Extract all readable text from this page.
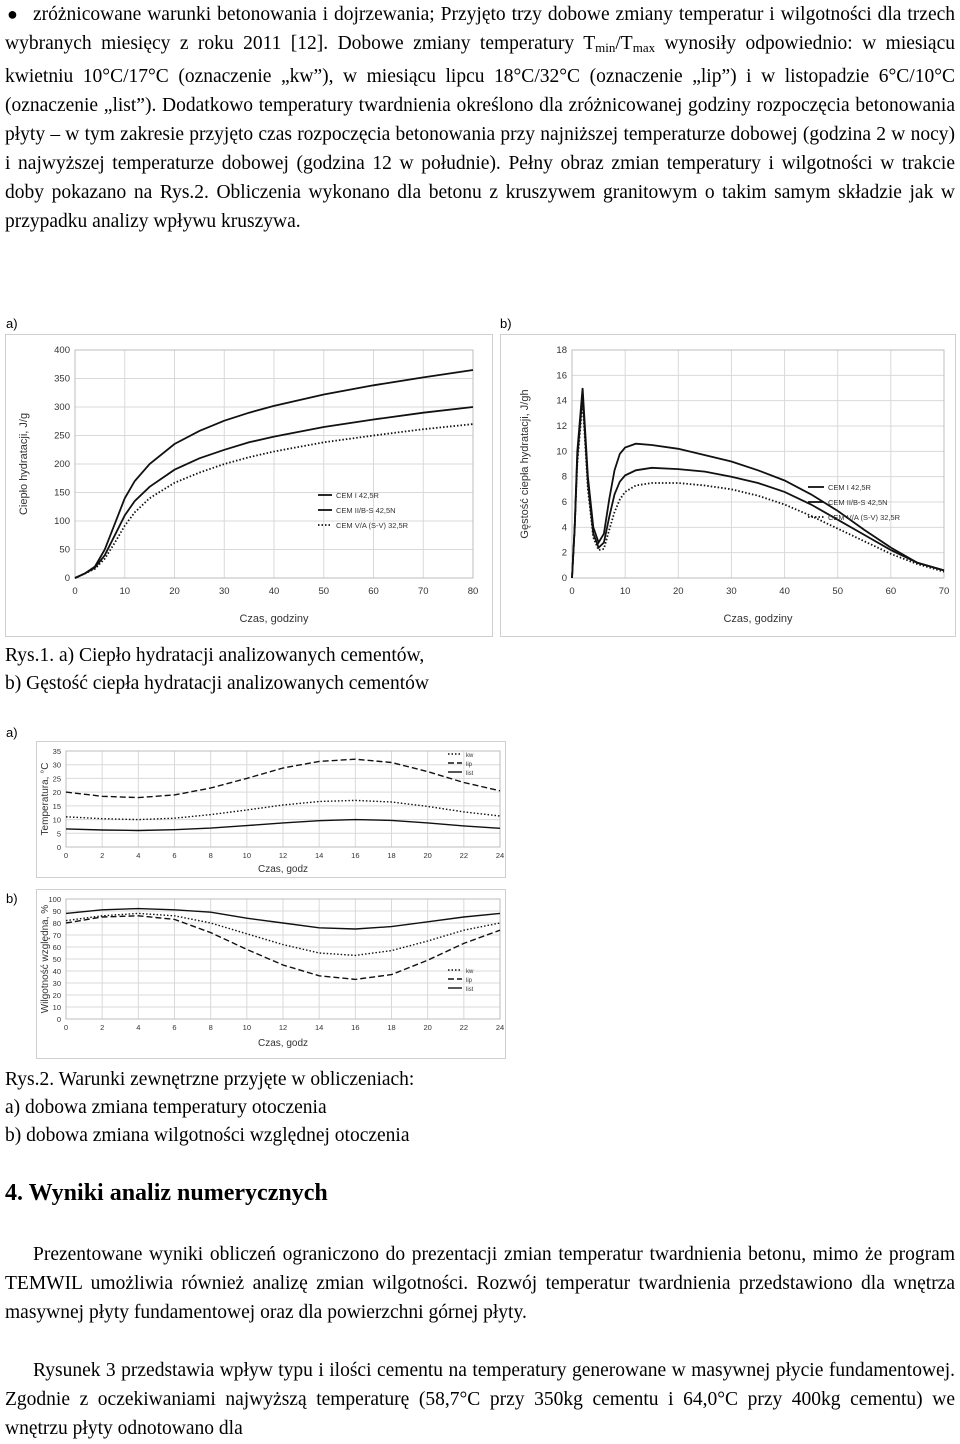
● zróżnicowane warunki betonowania i dojrzewania; Przyjęto trzy dobowe zmiany temperatur i wilgotności dla trzech wybranych miesięcy z roku 2011 [12]. Dobowe zmiany temperatury $T_{min}/T_{max}$ wynosiły odpowiednio: w miesiącu kwietniu 10°C/17°C (oznaczenie „kw”), w miesiącu lipcu 18°C/32°C (oznaczenie „lip”) i w listopadzie 6°C/10°C (oznaczenie „list”). Dodatkowo temperatury twardnienia określono dla zróżnicowanej godziny rozpoczęcia betonowania płyty – w tym zakresie przyjęto czas rozpoczęcia betonowania przy najniższej temperaturze dobowej (godzina 2 w nocy) i najwyższej temperaturze dobowej (godzina 12 w południe). Pełny obraz zmian temperatury i wilgotności w trakcie doby pokazano na Rys.2. Obliczenia wykonano dla betonu z kruszywem granitowym o takim samym składzie jak w przypadku analizy wpływu kruszywa.
a)	b)
0	10	20	30	40	50	60	70	80
0
50
100
150
200
250
300
350
400
Czas, godziny
Ciepło hydratacji, J/g	CEM I 42,5R
CEM II/B-S 42,5N
CEM V/A (S-V) 32,5R
0	10	20	30	40	50	60	70
0
2
4
6
8
10
12
14
16
18
Czas, godziny
Gęstość ciepła hydratacji, J/gh	CEM I 42,5R
CEM II/B-S 42,5N
CEM V/A (S-V) 32,5R
Rys.1. a) Ciepło hydratacji analizowanych cementów,
b) Gęstość ciepła hydratacji analizowanych cementów
a)
0	2	4	6	8	10	12	14	16	18	20	22	24
0
5
10
15
20
25
30
35
Czas, godz
Temperatura, °C
kw
lip
list
b)
0	2	4	6	8	10	12	14	16	18	20	22	24
0
10
20
30
40
50
60
70
80
90
100
Czas, godz
Wilgotność względna, %	kw
lip
list
Rys.2. Warunki zewnętrzne przyjęte w obliczeniach:
a) dobowa zmiana temperatury otoczenia
b) dobowa zmiana wilgotności względnej otoczenia
4. Wyniki analiz numerycznych
Prezentowane wyniki obliczeń ograniczono do prezentacji zmian temperatur twardnienia betonu, mimo że program TEMWIL umożliwia również analizę zmian wilgotności. Rozwój temperatur twardnienia przedstawiono dla wnętrza masywnej płyty fundamentowej oraz dla powierzchni górnej płyty.
Rysunek 3 przedstawia wpływ typu i ilości cementu na temperatury generowane w masywnej płycie fundamentowej. Zgodnie z oczekiwaniami najwyższą temperaturę (58,7°C przy 350kg cementu i 64,0°C przy 400kg cementu) we wnętrzu płyty odnotowano dla
